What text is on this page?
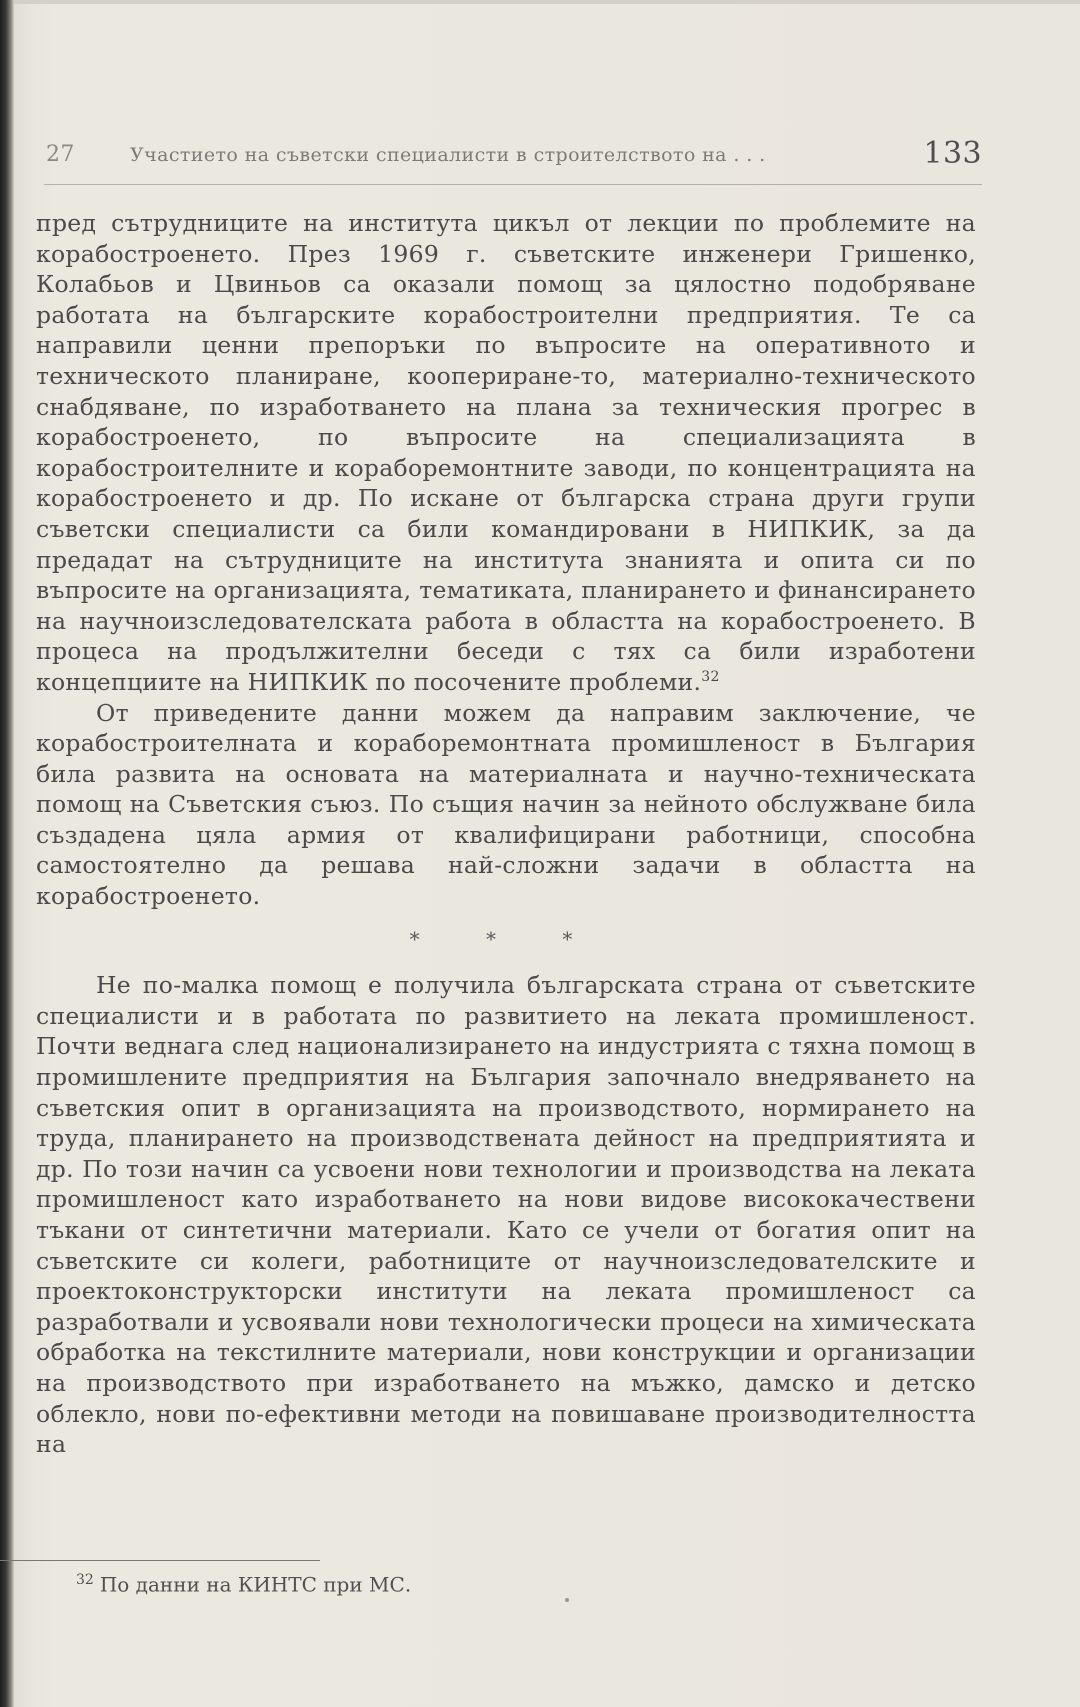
27	Участието на съветски специалисти в строителството на . . .	133

пред сътрудниците на института цикъл от лекции по проблемите на корабостроенето. През 1969 г. съветските инженери Гришенко, Колабьов и Цвиньов са оказали помощ за цялостно подобряване работата на българските корабостроителни предприятия. Те са направили ценни препоръки по въпросите на оперативното и техническото планиране, коопериране-то, материално-техническото снабдяване, по изработването на плана за техническия прогрес в корабостроенето, по въпросите на специализацията в корабостроителните и кораборемонтните заводи, по концентрацията на корабостроенето и др. По искане от българска страна други групи съветски специалисти са били командировани в НИПКИК, за да предадат на сътрудниците на института знанията и опита си по въпросите на организацията, тематиката, планирането и финансирането на научноизследователската работа в областта на корабостроенето. В процеса на продължителни беседи с тях са били изработени концепциите на НИПКИК по посочените проблеми.$^{32}$

От приведените данни можем да направим заключение, че корабостроителната и кораборемонтната промишленост в България била развита на основата на материалната и научно-техническата помощ на Съветския съюз. По същия начин за нейното обслужване била създадена цяла армия от квалифицирани работници, способна самостоятелно да решава най-сложни задачи в областта на корабостроенето.

* * *

Не по-малка помощ е получила българската страна от съветските специалисти и в работата по развитието на леката промишленост. Почти веднага след национализирането на индустрията с тяхна помощ в промишлените предприятия на България започнало внедряването на съветския опит в организацията на производството, нормирането на труда, планирането на производствената дейност на предприятията и др. По този начин са усвоени нови технологии и производства на леката промишленост като изработването на нови видове висококачествени тъкани от синтетични материали. Като се учели от богатия опит на съветските си колеги, работниците от научноизследователските и проектоконструкторски институти на леката промишленост са разработвали и усвоявали нови технологически процеси на химическата обработка на текстилните материали, нови конструкции и организации на производството при изработването на мъжко, дамско и детско облекло, нови по-ефективни методи на повишаване производителността на

$^{32}$ По данни на КИНТС при МС.
